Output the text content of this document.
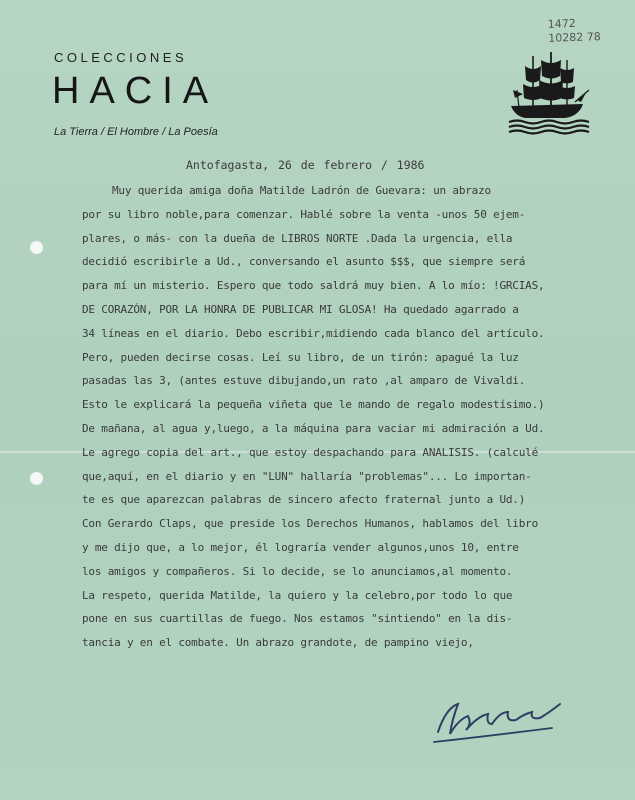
COLECCIONES
HACIA
La Tierra / El Hombre / La Poesía
1472
10282 78
Antofagasta, 26 de febrero / 1986
Muy querida amiga doña Matilde Ladrón de Guevara: un abrazo
por su libro noble,para comenzar. Hablé sobre la venta -unos 50 ejem-
plares, o más- con la dueña de LIBROS NORTE .Dada la urgencia, ella
decidió escribirle a Ud., conversando el asunto $$$, que siempre será
para mí un misterio. Espero que todo saldrá muy bien. A lo mío: !GRCIAS,
DE CORAZÓN, POR LA HONRA DE PUBLICAR MI GLOSA! Ha quedado agarrado a
34 líneas en el diario. Debo escribir,midiendo cada blanco del artículo.
Pero, pueden decirse cosas. Leí su libro, de un tirón: apagué la luz
pasadas las 3, (antes estuve dibujando,un rato ,al amparo de Vivaldi.
Esto le explicará la pequeña viñeta que le mando de regalo modestísimo.)
De mañana, al agua y,luego, a la máquina para vaciar mi admiración a Ud.
Le agrego copia del art., que estoy despachando para ANALISIS. (calculé
que,aquí, en el diario y en "LUN" hallaría "problemas"... Lo importan-
te es que aparezcan palabras de sincero afecto fraternal junto a Ud.)
Con Gerardo Claps, que preside los Derechos Humanos, hablamos del libro
y me dijo que, a lo mejor, él lograría vender algunos,unos 10, entre
los amigos y compañeros. Si lo decide, se lo anunciamos,al momento.
La respeto, querida Matilde, la quiero y la celebro,por todo lo que
pone en sus cuartillas de fuego. Nos estamos "sintiendo" en la dis-
tancia y en el combate. Un abrazo grandote, de pampino viejo,
